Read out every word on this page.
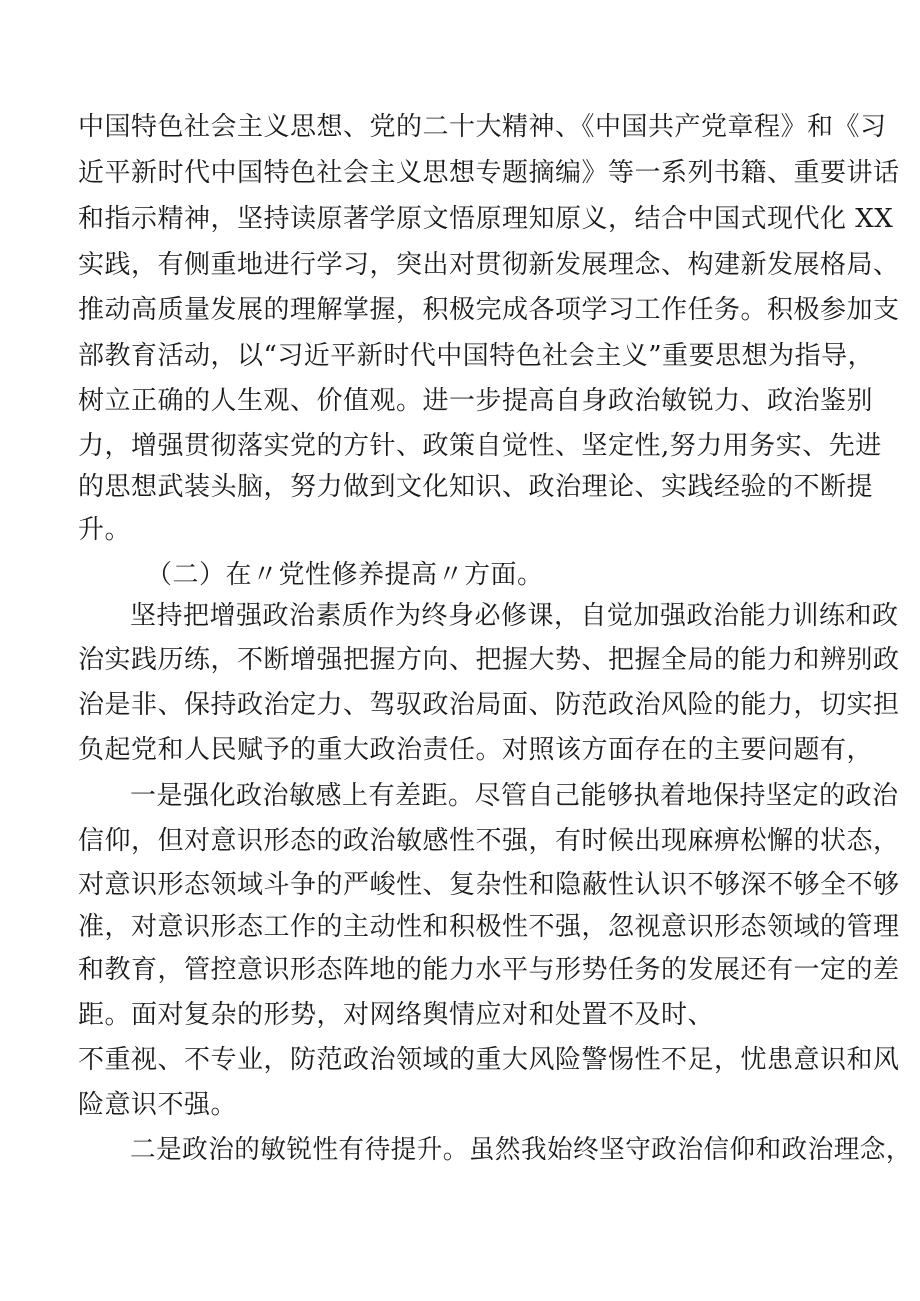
中国特色社会主义思想、党的二十大精神、《中国共产党章程》和《习
近平新时代中国特色社会主义思想专题摘编》等一系列书籍、重要讲话
和指示精神，坚持读原著学原文悟原理知原义，结合中国式现代化 XX
实践，有侧重地进行学习，突出对贯彻新发展理念、构建新发展格局、
推动高质量发展的理解掌握，积极完成各项学习工作任务。积极参加支
部教育活动，以“习近平新时代中国特色社会主义”重要思想为指导，
树立正确的人生观、价值观。进一步提高自身政治敏锐力、政治鉴别
力，增强贯彻落实党的方针、政策自觉性、坚定性,努力用务实、先进
的思想武装头脑，努力做到文化知识、政治理论、实践经验的不断提
升。
（二）在〃党性修养提高〃方面。
坚持把增强政治素质作为终身必修课，自觉加强政治能力训练和政
治实践历练，不断增强把握方向、把握大势、把握全局的能力和辨别政
治是非、保持政治定力、驾驭政治局面、防范政治风险的能力，切实担
负起党和人民赋予的重大政治责任。对照该方面存在的主要问题有，
一是强化政治敏感上有差距。尽管自己能够执着地保持坚定的政治
信仰，但对意识形态的政治敏感性不强，有时候出现麻痹松懈的状态，
对意识形态领域斗争的严峻性、复杂性和隐蔽性认识不够深不够全不够
准，对意识形态工作的主动性和积极性不强，忽视意识形态领域的管理
和教育，管控意识形态阵地的能力水平与形势任务的发展还有一定的差
距。面对复杂的形势，对网络舆情应对和处置不及时、
不重视、不专业，防范政治领域的重大风险警惕性不足，忧患意识和风
险意识不强。
二是政治的敏锐性有待提升。虽然我始终坚守政治信仰和政治理念，
